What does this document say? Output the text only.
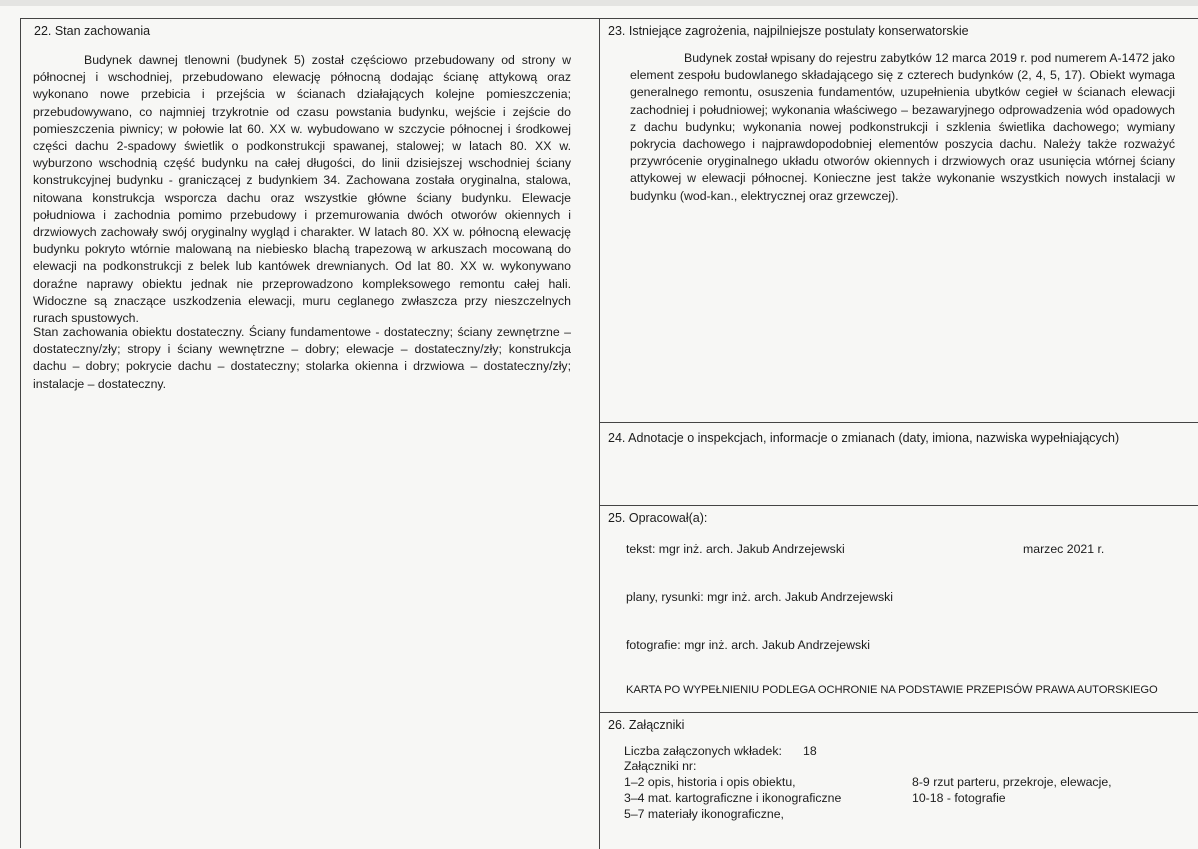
22. Stan zachowania
Budynek dawnej tlenowni (budynek 5) został częściowo przebudowany od strony w północnej i wschodniej, przebudowano elewację północną dodając ścianę attykową oraz wykonano nowe przebicia i przejścia w ścianach działających kolejne pomieszczenia; przebudowywano, co najmniej trzykrotnie od czasu powstania budynku, wejście i zejście do pomieszczenia piwnicy; w połowie lat 60. XX w. wybudowano w szczycie północnej i środkowej części dachu 2-spadowy świetlik o podkonstrukcji spawanej, stalowej; w latach 80. XX w. wyburzono wschodnią część budynku na całej długości, do linii dzisiejszej wschodniej ściany konstrukcyjnej budynku - graniczącej z budynkiem 34. Zachowana została oryginalna, stalowa, nitowana konstrukcja wsporcza dachu oraz wszystkie główne ściany budynku. Elewacje południowa i zachodnia pomimo przebudowy i przemurowania dwóch otworów okiennych i drzwiowych zachowały swój oryginalny wygląd i charakter. W latach 80. XX w. północną elewację budynku pokryto wtórnie malowaną na niebiesko blachą trapezową w arkuszach mocowaną do elewacji na podkonstrukcji z belek lub kantówek drewnianych. Od lat 80. XX w. wykonywano doraźne naprawy obiektu jednak nie przeprowadzono kompleksowego remontu całej hali. Widoczne są znaczące uszkodzenia elewacji, muru ceglanego zwłaszcza przy nieszczelnych rurach spustowych.
Stan zachowania obiektu dostateczny. Ściany fundamentowe - dostateczny; ściany zewnętrzne – dostateczny/zły; stropy i ściany wewnętrzne – dobry; elewacje – dostateczny/zły; konstrukcja dachu – dobry; pokrycie dachu – dostateczny; stolarka okienna i drzwiowa – dostateczny/zły; instalacje – dostateczny.
23. Istniejące zagrożenia, najpilniejsze postulaty konserwatorskie
Budynek został wpisany do rejestru zabytków 12 marca 2019 r. pod numerem A-1472 jako element zespołu budowlanego składającego się z czterech budynków (2, 4, 5, 17). Obiekt wymaga generalnego remontu, osuszenia fundamentów, uzupełnienia ubytków cegieł w ścianach elewacji zachodniej i południowej; wykonania właściwego – bezawaryjnego odprowadzenia wód opadowych z dachu budynku; wykonania nowej podkonstrukcji i szklenia świetlika dachowego; wymiany pokrycia dachowego i najprawdopodobniej elementów poszycia dachu. Należy także rozważyć przywrócenie oryginalnego układu otworów okiennych i drzwiowych oraz usunięcia wtórnej ściany attykowej w elewacji północnej. Konieczne jest także wykonanie wszystkich nowych instalacji w budynku (wod-kan., elektrycznej oraz grzewczej).
24. Adnotacje o inspekcjach, informacje o zmianach (daty, imiona, nazwiska wypełniających)
25. Opracował(a):
tekst: mgr inż. arch. Jakub Andrzejewski	marzec 2021 r.
plany, rysunki: mgr inż. arch. Jakub Andrzejewski
fotografie: mgr inż. arch. Jakub Andrzejewski
KARTA PO WYPEŁNIENIU PODLEGA OCHRONIE NA PODSTAWIE PRZEPISÓW PRAWA AUTORSKIEGO
26. Załączniki
Liczba załączonych wkładek: 18
Załączniki nr:
1–2 opis, historia i opis obiektu,
3–4 mat. kartograficzne i ikonograficzne
5–7 materiały ikonograficzne,
8-9 rzut parteru, przekroje, elewacje,
10-18 - fotografie
